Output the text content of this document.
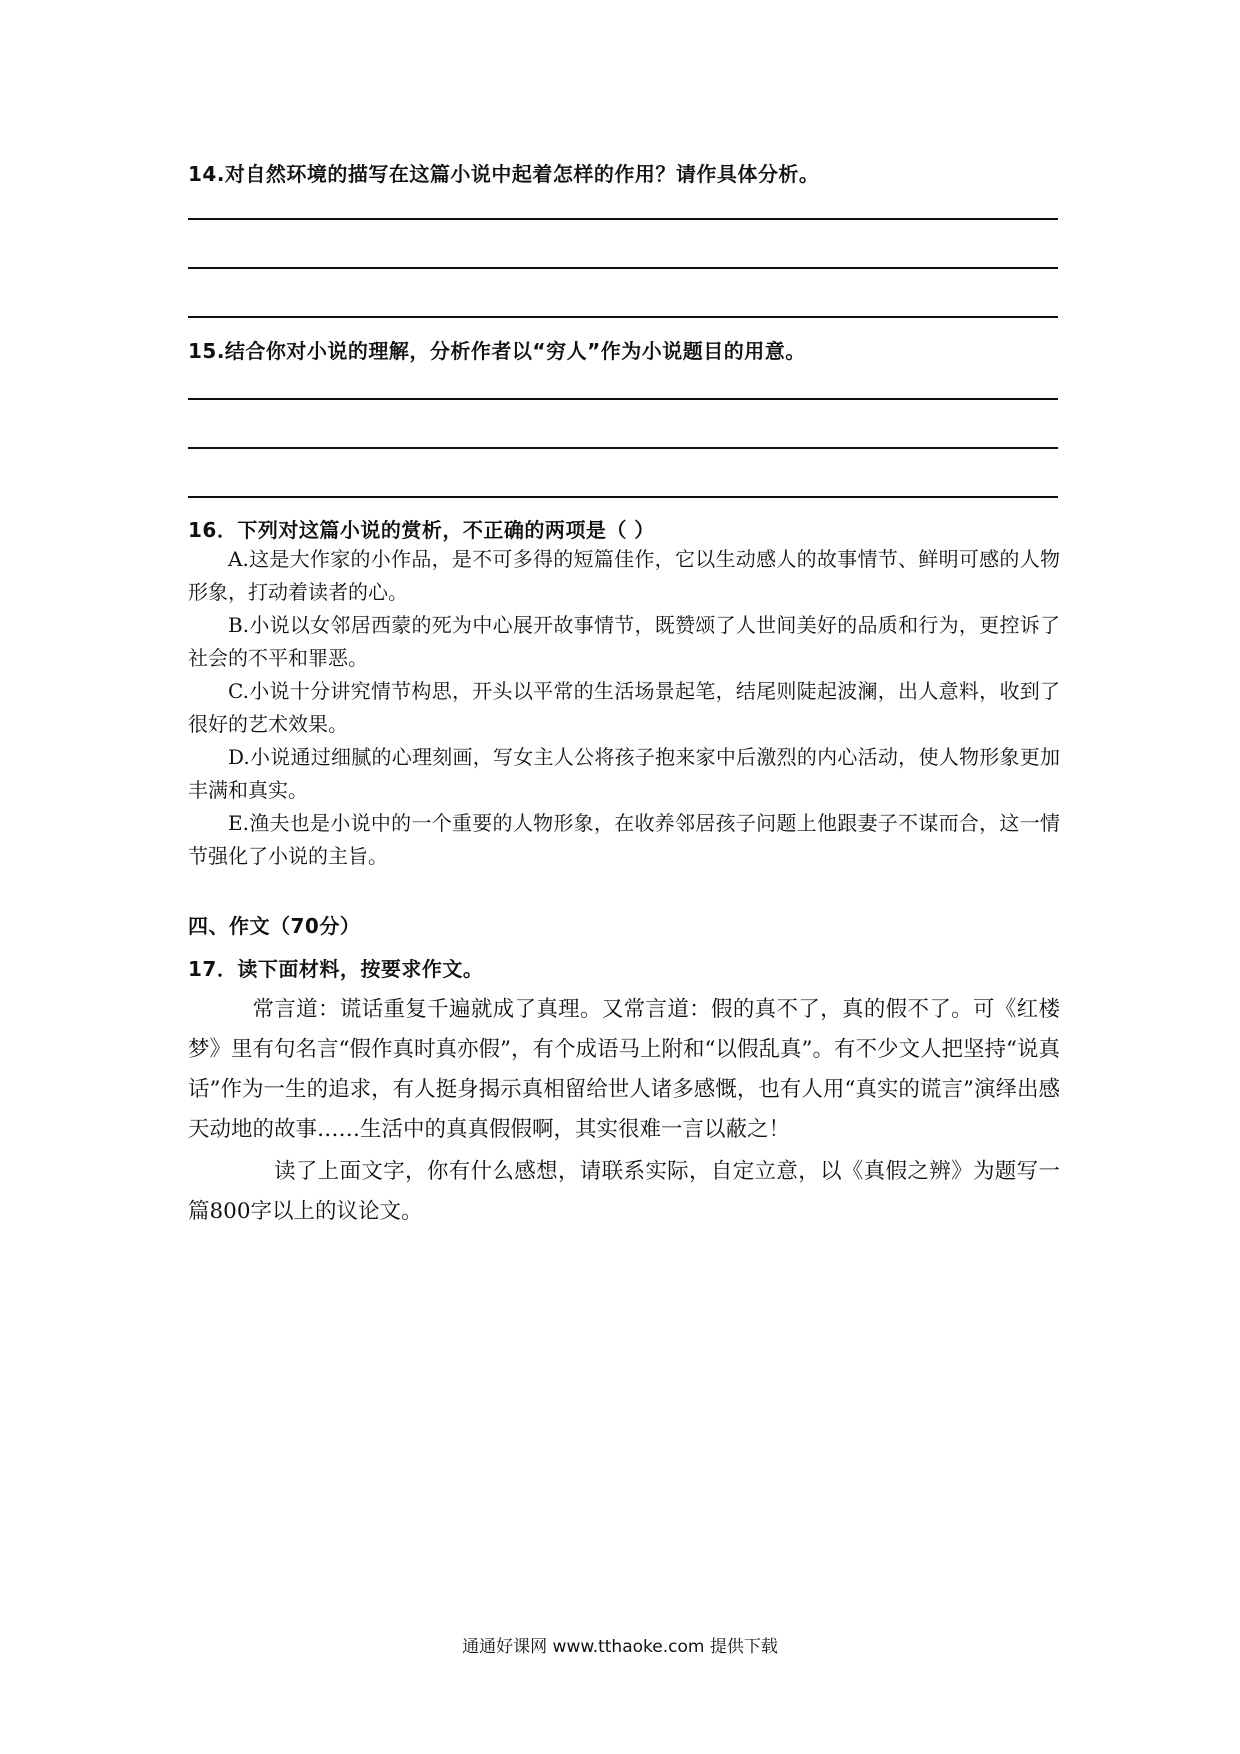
14.对自然环境的描写在这篇小说中起着怎样的作用？请作具体分析。
15.结合你对小说的理解，分析作者以“穷人”作为小说题目的用意。
16．下列对这篇小说的赏析，不正确的两项是（ ）

A.这是大作家的小作品，是不可多得的短篇佳作，它以生动感人的故事情节、鲜明可感的人物形象，打动着读者的心。

B.小说以女邻居西蒙的死为中心展开故事情节，既赞颂了人世间美好的品质和行为，更控诉了社会的不平和罪恶。

C.小说十分讲究情节构思，开头以平常的生活场景起笔，结尾则陡起波澜，出人意料，收到了很好的艺术效果。

D.小说通过细腻的心理刻画，写女主人公将孩子抱来家中后激烈的内心活动，使人物形象更加丰满和真实。

E.渔夫也是小说中的一个重要的人物形象，在收养邻居孩子问题上他跟妻子不谋而合，这一情节强化了小说的主旨。

四、作文（70分）
17．读下面材料，按要求作文。

常言道：谎话重复千遍就成了真理。又常言道：假的真不了，真的假不了。可《红楼梦》里有句名言“假作真时真亦假”，有个成语马上附和“以假乱真”。有不少文人把坚持“说真话”作为一生的追求，有人挺身揭示真相留给世人诸多感慨，也有人用“真实的谎言”演绎出感天动地的故事……生活中的真真假假啊，其实很难一言以蔽之！

读了上面文字，你有什么感想，请联系实际，自定立意，以《真假之辨》为题写一篇800字以上的议论文。

通通好课网 www.tthaoke.com 提供下载
